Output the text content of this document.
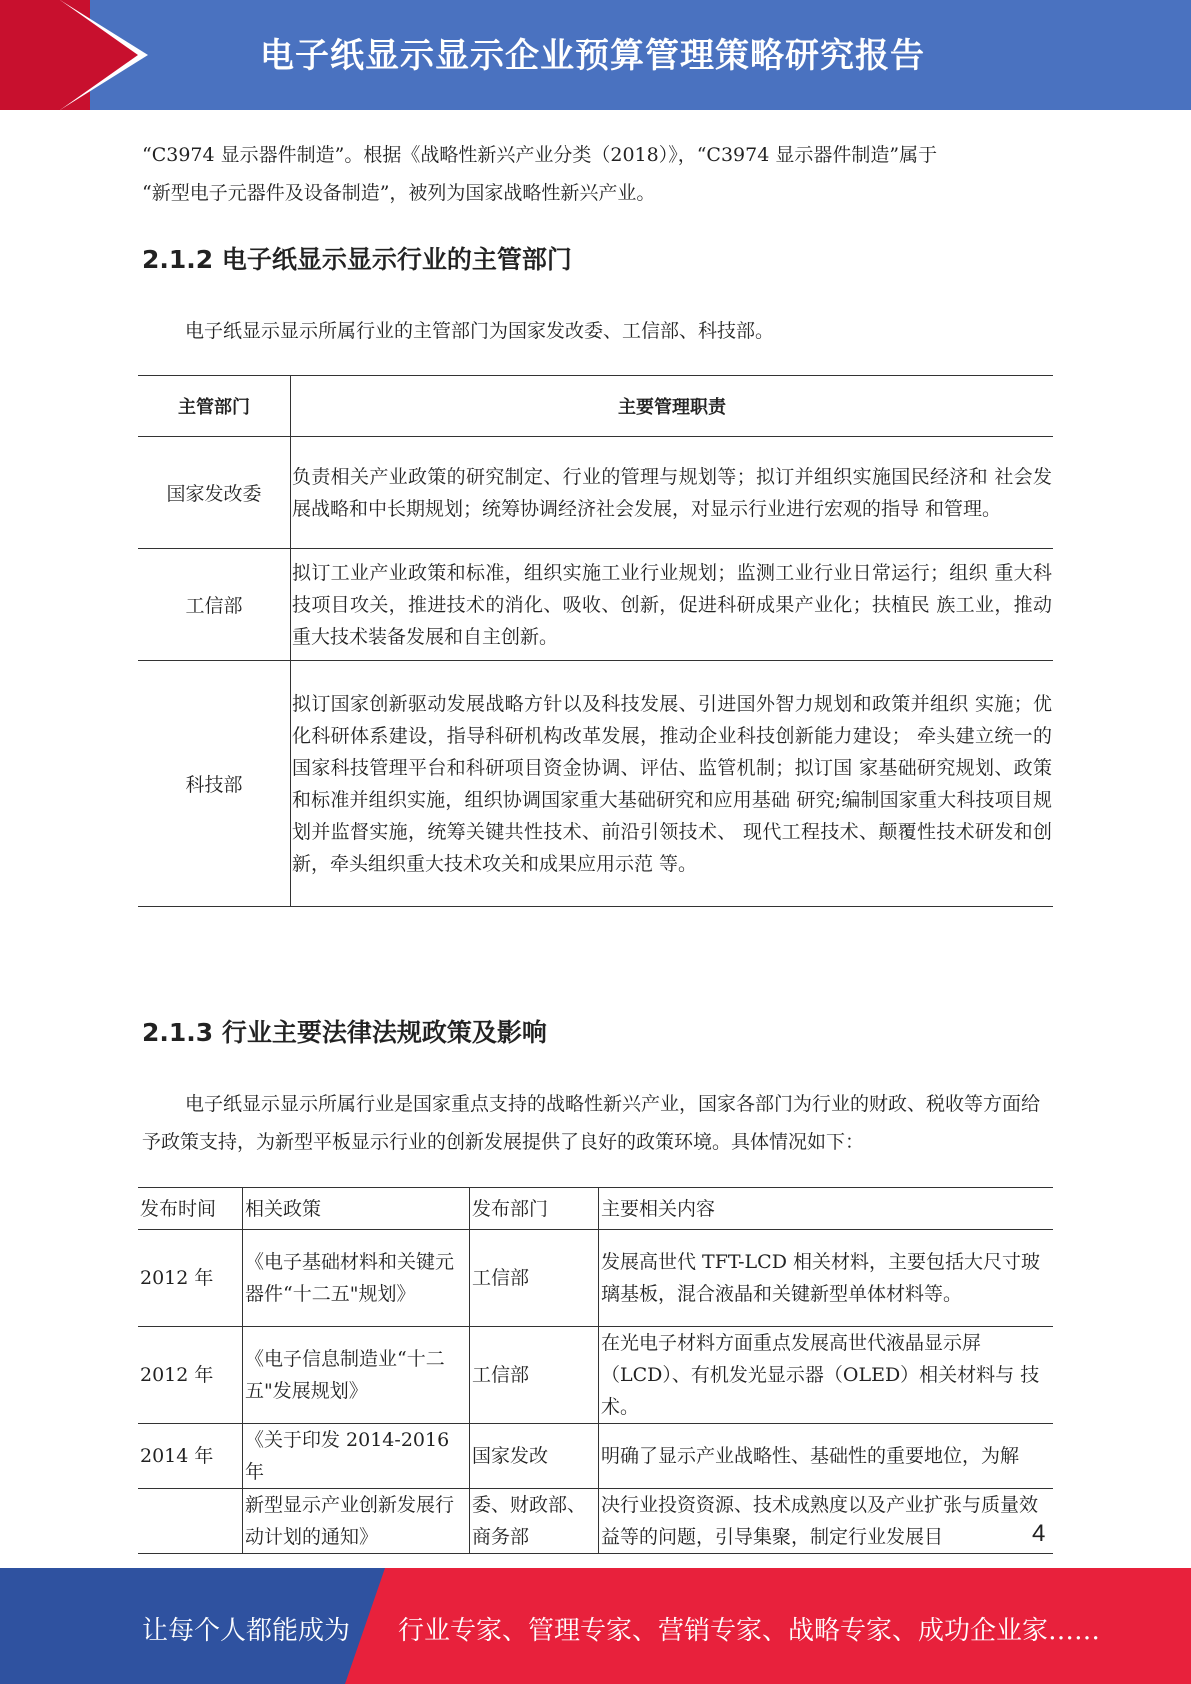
电子纸显示显示企业预算管理策略研究报告

“C3974 显示器件制造”。根据《战略性新兴产业分类（2018）》，“C3974 显示器件制造”属于

“新型电子元器件及设备制造”，被列为国家战略性新兴产业。

2.1.2 电子纸显示显示行业的主管部门

电子纸显示显示所属行业的主管部门为国家发改委、工信部、科技部。

主管部门	主要管理职责
国家发改委	负责相关产业政策的研究制定、行业的管理与规划等；拟订并组织实施国民经济和 社会发展战略和中长期规划；统筹协调经济社会发展，对显示行业进行宏观的指导 和管理。
工信部	拟订工业产业政策和标准，组织实施工业行业规划；监测工业行业日常运行；组织 重大科技项目攻关，推进技术的消化、吸收、创新，促进科研成果产业化；扶植民 族工业，推动重大技术装备发展和自主创新。
科技部	拟订国家创新驱动发展战略方针以及科技发展、引进国外智力规划和政策并组织 实施；优化科研体系建设，指导科研机构改革发展，推动企业科技创新能力建设； 牵头建立统一的国家科技管理平台和科研项目资金协调、评估、监管机制；拟订国 家基础研究规划、政策和标准并组织实施，组织协调国家重大基础研究和应用基础 研究;编制国家重大科技项目规划并监督实施，统筹关键共性技术、前沿引领技术、 现代工程技术、颠覆性技术研发和创新，牵头组织重大技术攻关和成果应用示范 等。
2.1.3 行业主要法律法规政策及影响

电子纸显示显示所属行业是国家重点支持的战略性新兴产业，国家各部门为行业的财政、税收等方面给予政策支持，为新型平板显示行业的创新发展提供了良好的政策环境。具体情况如下：

发布时间	相关政策	发布部门	主要相关内容
2012 年	《电子基础材料和关键元器件“十二五"规划》	工信部	发展高世代 TFT-LCD 相关材料，主要包括大尺寸玻璃基板，混合液晶和关键新型单体材料等。
2012 年	《电子信息制造业“十二五"发展规划》	工信部	在光电子材料方面重点发展高世代液晶显示屏（LCD）、有机发光显示器（OLED）相关材料与 技术。
2014 年	《关于印发 2014-2016 年	国家发改	明确了显示产业战略性、基础性的重要地位，为解
	新型显示产业创新发展行动计划的通知》	委、财政部、商务部	决行业投资资源、技术成熟度以及产业扩张与质量效益等的问题，引导集聚，制定行业发展目	4
让每个人都能成为 行业专家、管理专家、营销专家、战略专家、成功企业家……
